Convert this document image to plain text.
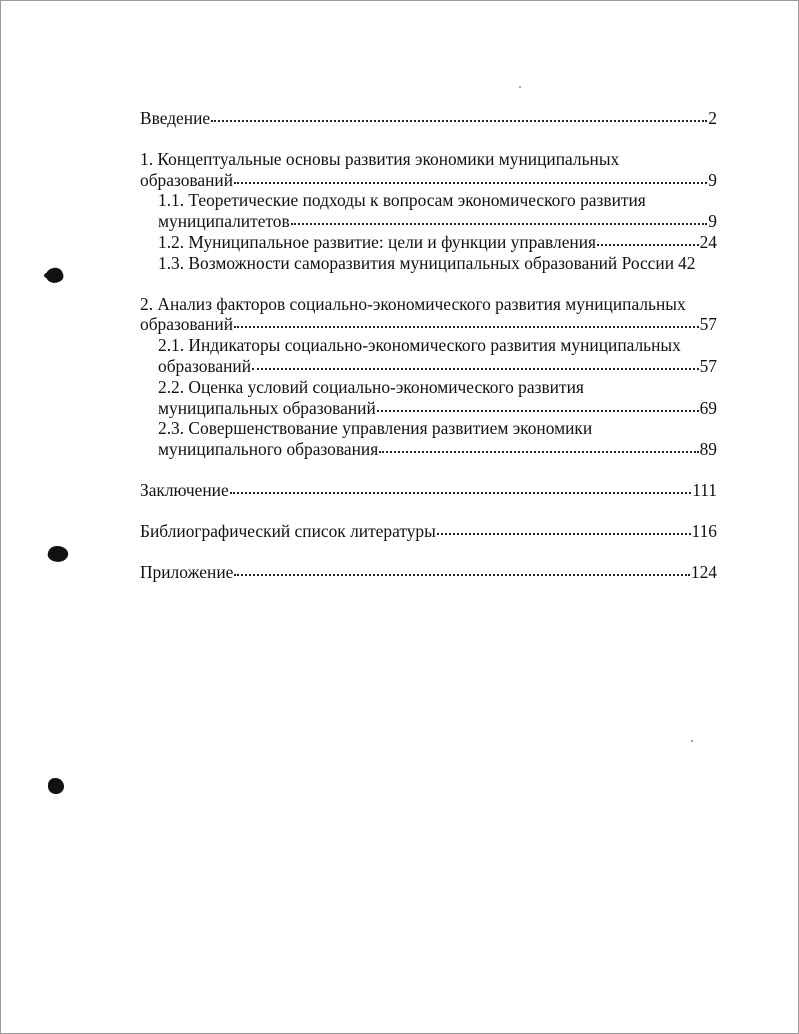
Введение	2
1. Концептуальные основы развития экономики муниципальных
образований	9
1.1. Теоретические подходы к вопросам экономического развития
муниципалитетов	9
1.2. Муниципальное развитие: цели и функции управления	24
1.3. Возможности саморазвития муниципальных образований России 42
2. Анализ факторов социально-экономического развития муниципальных
образований	57
2.1. Индикаторы социально-экономического развития муниципальных
образований	57
2.2. Оценка условий социально-экономического развития
муниципальных образований	69
2.3. Совершенствование управления развитием экономики
муниципального образования	89
Заключение	111
Библиографический список литературы	116
Приложение	124
